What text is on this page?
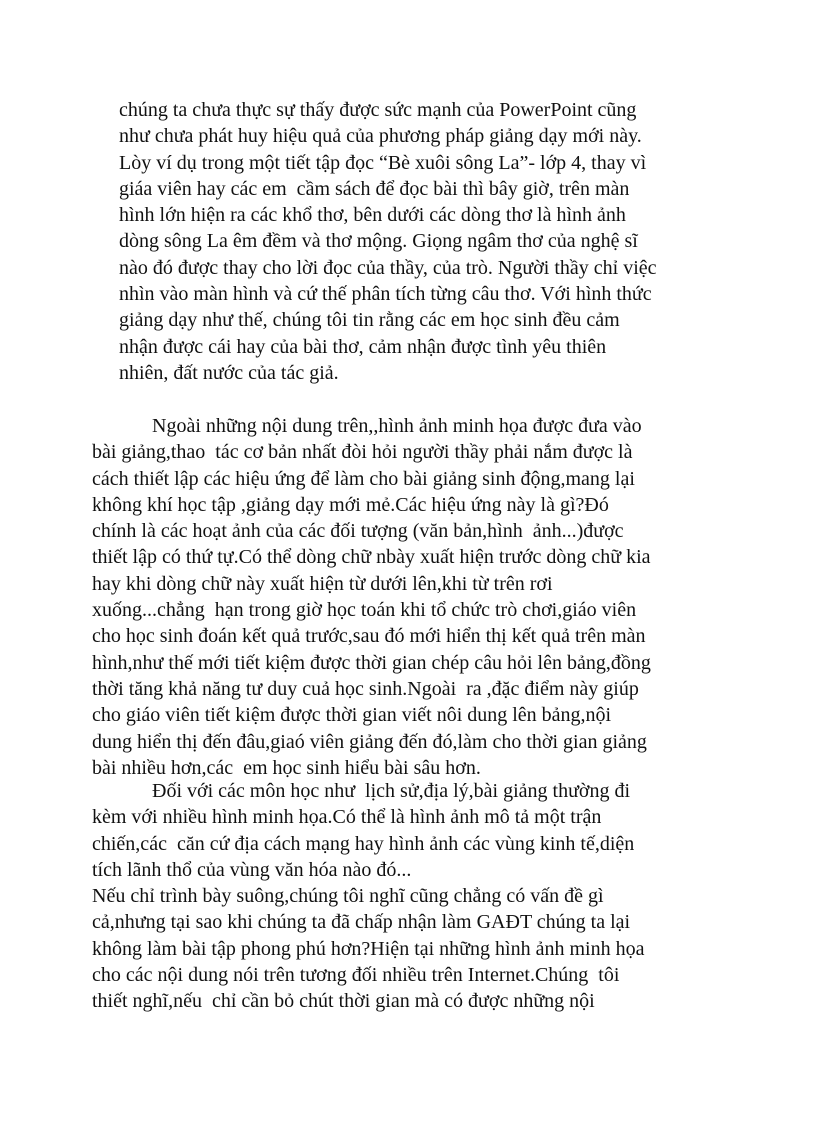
chúng ta chưa thực sự thấy được sức mạnh của PowerPoint cũng
như chưa phát huy hiệu quả của phương pháp giảng dạy mới này.
Lòy ví dụ trong một tiết tập đọc “Bè xuôi sông La”- lớp 4, thay vì
giáa viên hay các em  cầm sách để đọc bài thì bây giờ, trên màn
hình lớn hiện ra các khổ thơ, bên dưới các dòng thơ là hình ảnh
dòng sông La êm đềm và thơ mộng. Giọng ngâm thơ của nghệ sĩ
nào đó được thay cho lời đọc của thầy, của trò. Người thầy chỉ việc
nhìn vào màn hình và cứ thế phân tích từng câu thơ. Với hình thức
giảng dạy như thế, chúng tôi tin rằng các em học sinh đều cảm
nhận được cái hay của bài thơ, cảm nhận được tình yêu thiên
nhiên, đất nước của tác giả.
Ngoài những nội dung trên,,hình ảnh minh họa được đưa vào
bài giảng,thao  tác cơ bản nhất đòi hỏi người thầy phải nắm được là
cách thiết lập các hiệu ứng để làm cho bài giảng sinh động,mang lại
không khí học tập ,giảng dạy mới mẻ.Các hiệu ứng này là gì?Đó
chính là các hoạt ảnh của các đối tượng (văn bản,hình  ảnh...)được
thiết lập có thứ tự.Có thể dòng chữ nbày xuất hiện trước dòng chữ kia
hay khi dòng chữ này xuất hiện từ dưới lên,khi từ trên rơi
xuống...chẳng  hạn trong giờ học toán khi tổ chức trò chơi,giáo viên
cho học sinh đoán kết quả trước,sau đó mới hiển thị kết quả trên màn
hình,như thế mới tiết kiệm được thời gian chép câu hỏi lên bảng,đồng
thời tăng khả năng tư duy cuả học sinh.Ngoài  ra ,đặc điểm này giúp
cho giáo viên tiết kiệm được thời gian viết nôi dung lên bảng,nội
dung hiển thị đến đâu,giaó viên giảng đến đó,làm cho thời gian giảng
bài nhiều hơn,các  em học sinh hiểu bài sâu hơn.
Đối với các môn học như  lịch sử,địa lý,bài giảng thường đi
kèm với nhiều hình minh họa.Có thể là hình ảnh mô tả một trận
chiến,các  căn cứ địa cách mạng hay hình ảnh các vùng kinh tế,diện
tích lãnh thổ của vùng văn hóa nào đó...
Nếu chỉ trình bày suông,chúng tôi nghĩ cũng chẳng có vấn đề gì
cả,nhưng tại sao khi chúng ta đã chấp nhận làm GAĐT chúng ta lại
không làm bài tập phong phú hơn?Hiện tại những hình ảnh minh họa
cho các nội dung nói trên tương đối nhiều trên Internet.Chúng  tôi
thiết nghĩ,nếu  chỉ cần bỏ chút thời gian mà có được những nội
